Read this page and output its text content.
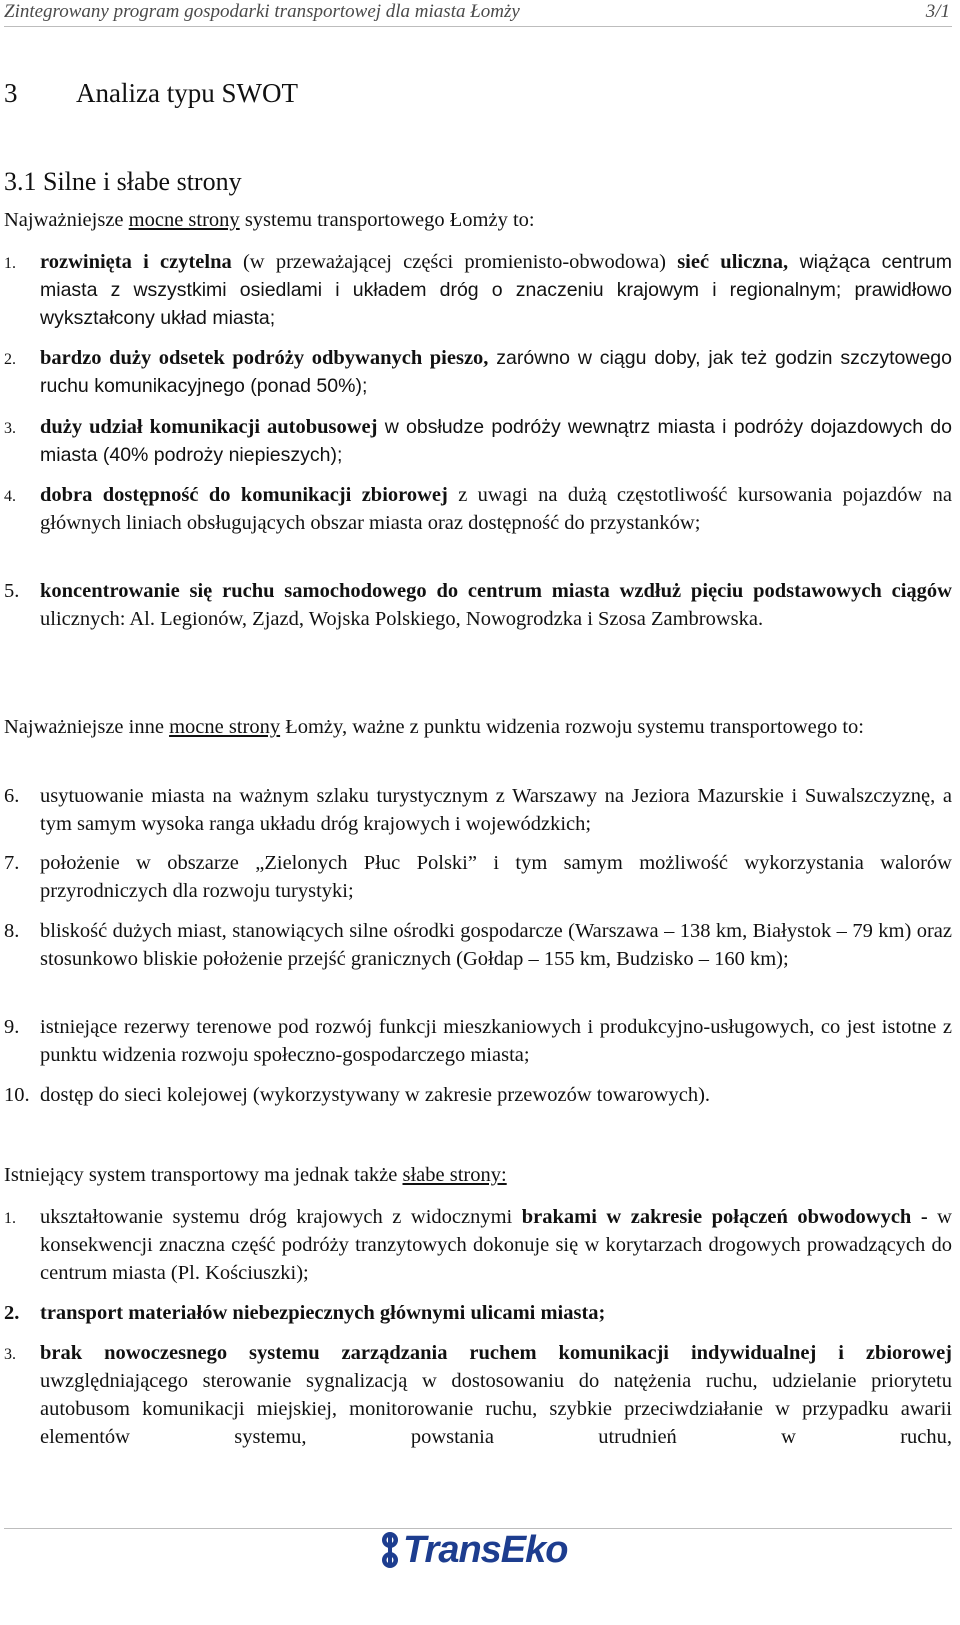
Zintegrowany program gospodarki transportowej dla miasta Łomży	3/1
3 Analiza typu SWOT
3.1 Silne i słabe strony
Najważniejsze mocne strony systemu transportowego Łomży to:
1. rozwinięta i czytelna (w przeważającej części promienisto-obwodowa) sieć uliczna, wiążąca centrum miasta z wszystkimi osiedlami i układem dróg o znaczeniu krajowym i regionalnym; prawidłowo wykształcony układ miasta;
2. bardzo duży odsetek podróży odbywanych pieszo, zarówno w ciągu doby, jak też godzin szczytowego ruchu komunikacyjnego (ponad 50%);
3. duży udział komunikacji autobusowej w obsłudze podróży wewnątrz miasta i podróży dojazdowych do miasta (40% podroży niepieszych);
4. dobra dostępność do komunikacji zbiorowej z uwagi na dużą częstotliwość kursowania pojazdów na głównych liniach obsługujących obszar miasta oraz dostępność do przystanków;
5. koncentrowanie się ruchu samochodowego do centrum miasta wzdłuż pięciu podstawowych ciągów ulicznych: Al. Legionów, Zjazd, Wojska Polskiego, Nowogrodzka i Szosa Zambrowska.
Najważniejsze inne mocne strony Łomży, ważne z punktu widzenia rozwoju systemu transportowego to:
6. usytuowanie miasta na ważnym szlaku turystycznym z Warszawy na Jeziora Mazurskie i Suwalszczyznę, a tym samym wysoka ranga układu dróg krajowych i wojewódzkich;
7. położenie w obszarze „Zielonych Płuc Polski” i tym samym możliwość wykorzystania walorów przyrodniczych dla rozwoju turystyki;
8. bliskość dużych miast, stanowiących silne ośrodki gospodarcze (Warszawa – 138 km, Białystok – 79 km) oraz stosunkowo bliskie położenie przejść granicznych (Gołdap – 155 km, Budzisko – 160 km);
9. istniejące rezerwy terenowe pod rozwój funkcji mieszkaniowych i produkcyjno-usługowych, co jest istotne z punktu widzenia rozwoju społeczno-gospodarczego miasta;
10. dostęp do sieci kolejowej (wykorzystywany w zakresie przewozów towarowych).
Istniejący system transportowy ma jednak także słabe strony:
1. ukształtowanie systemu dróg krajowych z widocznymi brakami w zakresie połączeń obwodowych - w konsekwencji znaczna część podróży tranzytowych dokonuje się w korytarzach drogowych prowadzących do centrum miasta (Pl. Kościuszki);
2. transport materiałów niebezpiecznych głównymi ulicami miasta;
3. brak nowoczesnego systemu zarządzania ruchem komunikacji indywidualnej i zbiorowej uwzględniającego sterowanie sygnalizacją w dostosowaniu do natężenia ruchu, udzielanie priorytetu autobusom komunikacji miejskiej, monitorowanie ruchu, szybkie przeciwdziałanie w przypadku awarii elementów systemu, powstania utrudnień w ruchu,
TransEko
